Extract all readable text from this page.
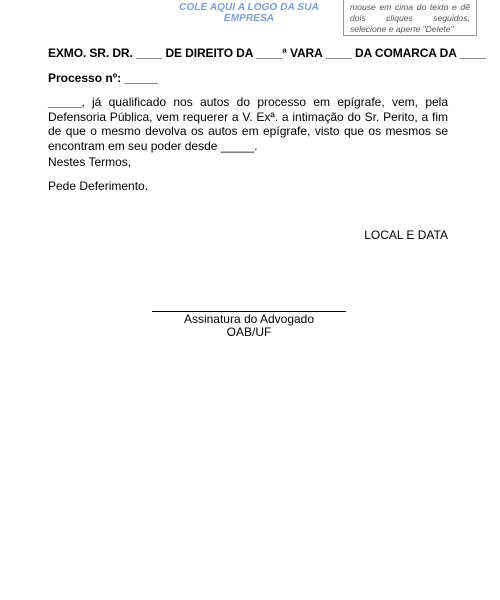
COLE AQUI A LOGO DA SUA EMPRESA
mouse em cima do texto e dê dois cliques seguidos, selecione e aperte "Delete"
EXMO. SR. DR. ____ DE DIREITO DA ____ª VARA ____ DA COMARCA DA ____
Processo nº: _____
_____, já qualificado nos autos do processo em epígrafe, vem, pela Defensoria Pública, vem requerer a V. Exª. a intimação do Sr. Perito, a fim de que o mesmo devolva os autos em epígrafe, visto que os mesmos se encontram em seu poder desde _____.
Nestes Termos,
Pede Deferimento.
LOCAL E DATA
Assinatura do Advogado
OAB/UF
